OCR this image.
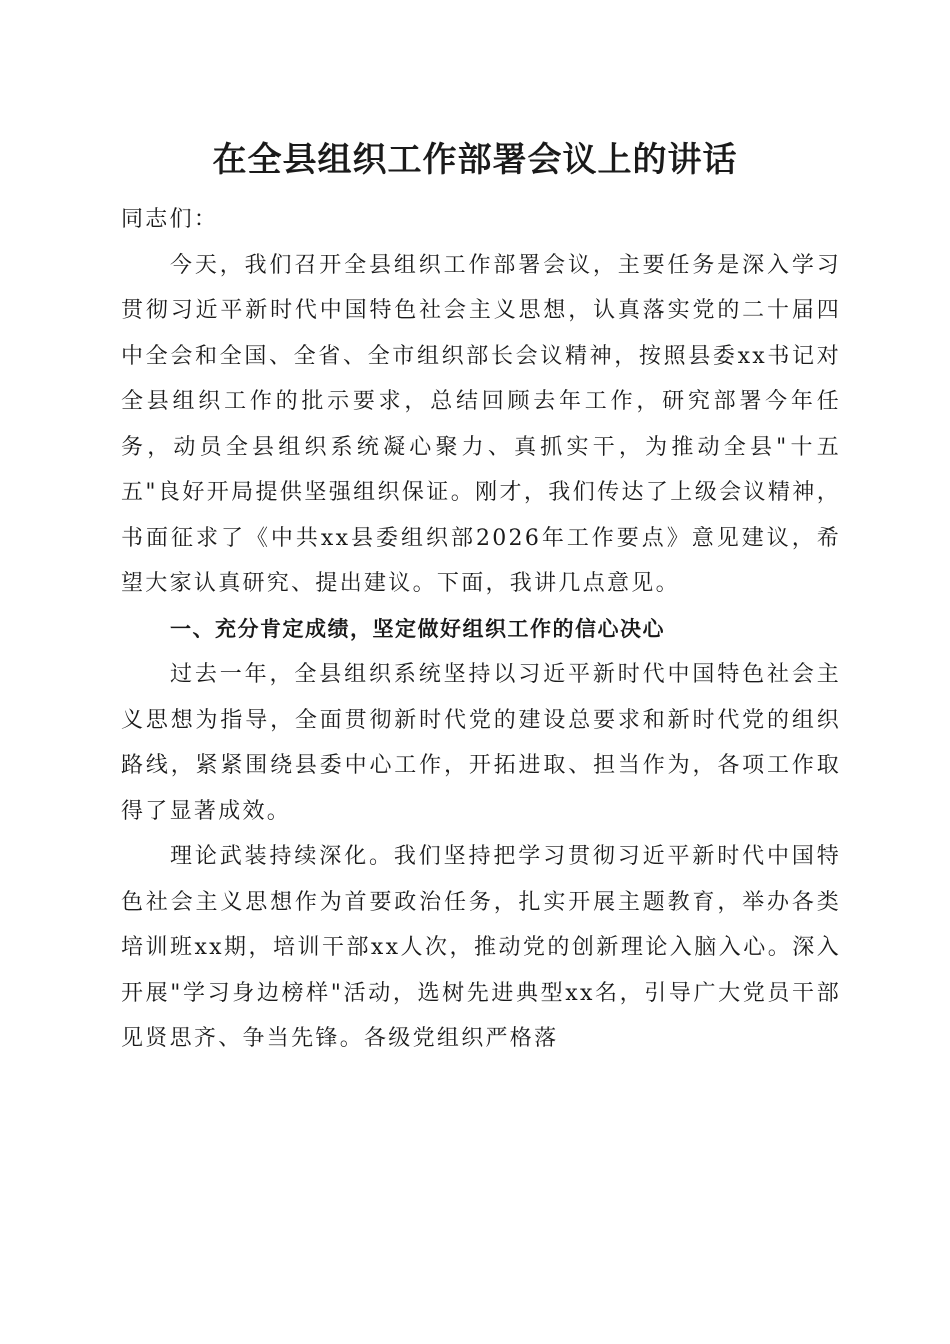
在全县组织工作部署会议上的讲话

同志们：

今天，我们召开全县组织工作部署会议，主要任务是深入学习贯彻习近平新时代中国特色社会主义思想，认真落实党的二十届四中全会和全国、全省、全市组织部长会议精神，按照县委xx书记对全县组织工作的批示要求，总结回顾去年工作，研究部署今年任务，动员全县组织系统凝心聚力、真抓实干，为推动全县"十五五"良好开局提供坚强组织保证。刚才，我们传达了上级会议精神，书面征求了《中共xx县委组织部2026年工作要点》意见建议，希望大家认真研究、提出建议。下面，我讲几点意见。

一、充分肯定成绩，坚定做好组织工作的信心决心

过去一年，全县组织系统坚持以习近平新时代中国特色社会主义思想为指导，全面贯彻新时代党的建设总要求和新时代党的组织路线，紧紧围绕县委中心工作，开拓进取、担当作为，各项工作取得了显著成效。

理论武装持续深化。我们坚持把学习贯彻习近平新时代中国特色社会主义思想作为首要政治任务，扎实开展主题教育，举办各类培训班xx期，培训干部xx人次，推动党的创新理论入脑入心。深入开展"学习身边榜样"活动，选树先进典型xx名，引导广大党员干部见贤思齐、争当先锋。各级党组织严格落
